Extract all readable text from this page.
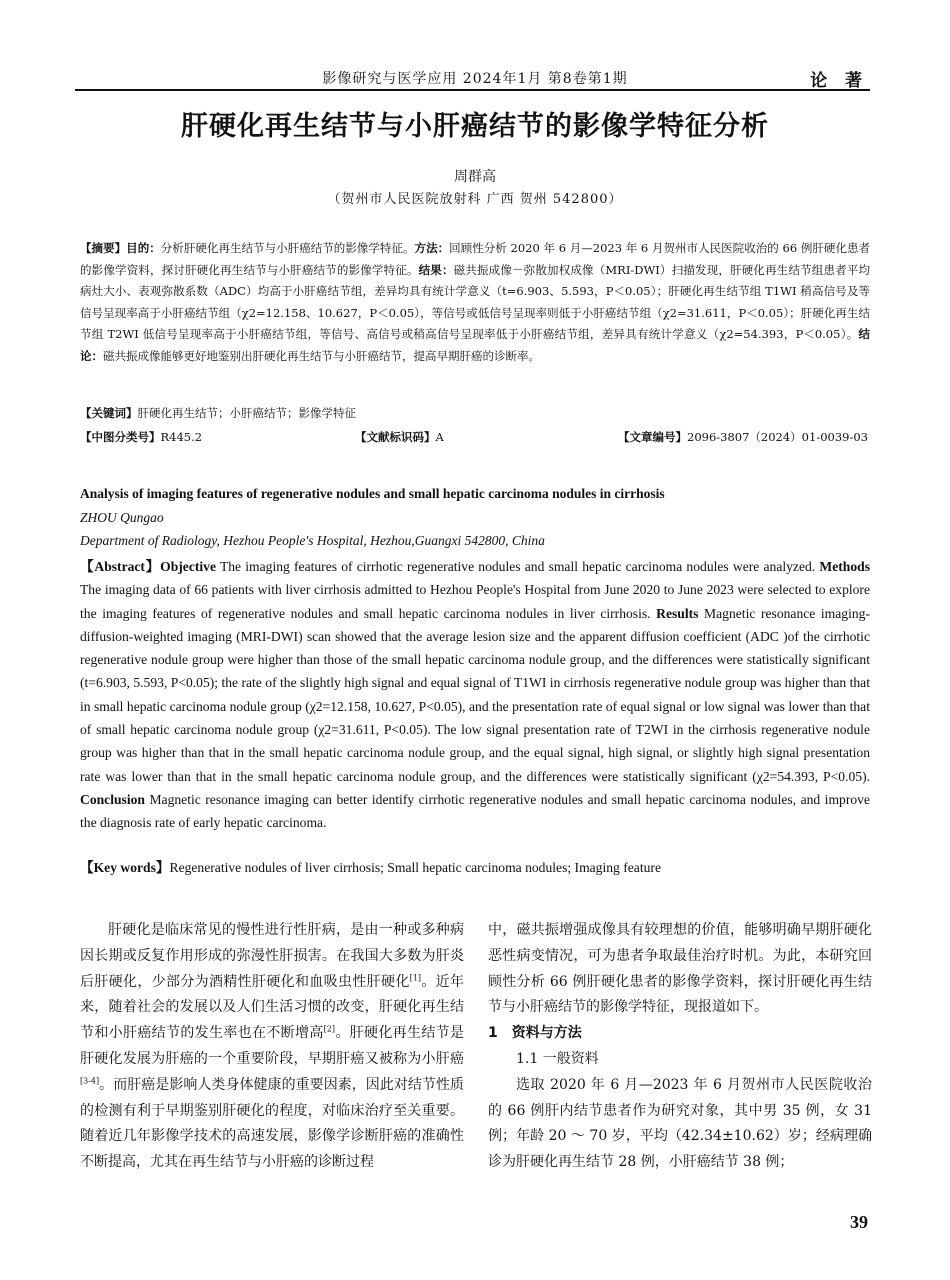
影像研究与医学应用 2024年1月 第8卷第1期	论 著
肝硬化再生结节与小肝癌结节的影像学特征分析
周群高
（贺州市人民医院放射科 广西 贺州 542800）
【摘要】目的：分析肝硬化再生结节与小肝癌结节的影像学特征。方法：回顾性分析 2020 年 6 月—2023 年 6 月贺州市人民医院收治的 66 例肝硬化患者的影像学资料，探讨肝硬化再生结节与小肝癌结节的影像学特征。结果：磁共振成像－弥散加权成像（MRI-DWI）扫描发现，肝硬化再生结节组患者平均病灶大小、表观弥散系数（ADC）均高于小肝癌结节组，差异均具有统计学意义（t=6.903、5.593，P＜0.05）；肝硬化再生结节组 T1WI 稍高信号及等信号呈现率高于小肝癌结节组（χ2=12.158、10.627，P＜0.05），等信号或低信号呈现率则低于小肝癌结节组（χ2=31.611，P＜0.05）；肝硬化再生结节组 T2WI 低信号呈现率高于小肝癌结节组，等信号、高信号或稍高信号呈现率低于小肝癌结节组，差异具有统计学意义（χ2=54.393，P＜0.05）。结论：磁共振成像能够更好地鉴别出肝硬化再生结节与小肝癌结节，提高早期肝癌的诊断率。
【关键词】肝硬化再生结节；小肝癌结节；影像学特征
【中图分类号】R445.2	【文献标识码】A	【文章编号】2096-3807（2024）01-0039-03
Analysis of imaging features of regenerative nodules and small hepatic carcinoma nodules in cirrhosis
ZHOU Qungao
Department of Radiology, Hezhou People's Hospital, Hezhou,Guangxi 542800, China
【Abstract】Objective The imaging features of cirrhotic regenerative nodules and small hepatic carcinoma nodules were analyzed. Methods The imaging data of 66 patients with liver cirrhosis admitted to Hezhou People's Hospital from June 2020 to June 2023 were selected to explore the imaging features of regenerative nodules and small hepatic carcinoma nodules in liver cirrhosis. Results Magnetic resonance imaging-diffusion-weighted imaging (MRI-DWI) scan showed that the average lesion size and the apparent diffusion coefficient (ADC )of the cirrhotic regenerative nodule group were higher than those of the small hepatic carcinoma nodule group, and the differences were statistically significant (t=6.903, 5.593, P<0.05); the rate of the slightly high signal and equal signal of T1WI in cirrhosis regenerative nodule group was higher than that in small hepatic carcinoma nodule group (χ2=12.158, 10.627, P<0.05), and the presentation rate of equal signal or low signal was lower than that of small hepatic carcinoma nodule group (χ2=31.611, P<0.05). The low signal presentation rate of T2WI in the cirrhosis regenerative nodule group was higher than that in the small hepatic carcinoma nodule group, and the equal signal, high signal, or slightly high signal presentation rate was lower than that in the small hepatic carcinoma nodule group, and the differences were statistically significant (χ2=54.393, P<0.05). Conclusion Magnetic resonance imaging can better identify cirrhotic regenerative nodules and small hepatic carcinoma nodules, and improve the diagnosis rate of early hepatic carcinoma.
【Key words】Regenerative nodules of liver cirrhosis; Small hepatic carcinoma nodules; Imaging feature

肝硬化是临床常见的慢性进行性肝病，是由一种或多种病因长期或反复作用形成的弥漫性肝损害。在我国大多数为肝炎后肝硬化，少部分为酒精性肝硬化和血吸虫性肝硬化[1]。近年来，随着社会的发展以及人们生活习惯的改变，肝硬化再生结节和小肝癌结节的发生率也在不断增高[2]。肝硬化再生结节是肝硬化发展为肝癌的一个重要阶段，早期肝癌又被称为小肝癌[3-4]。而肝癌是影响人类身体健康的重要因素，因此对结节性质的检测有利于早期鉴别肝硬化的程度，对临床治疗至关重要。随着近几年影像学技术的高速发展，影像学诊断肝癌的准确性不断提高，尤其在再生结节与小肝癌的诊断过程

中，磁共振增强成像具有较理想的价值，能够明确早期肝硬化恶性病变情况，可为患者争取最佳治疗时机。为此，本研究回顾性分析 66 例肝硬化患者的影像学资料，探讨肝硬化再生结节与小肝癌结节的影像学特征，现报道如下。

1　资料与方法

1.1 一般资料

选取 2020 年 6 月—2023 年 6 月贺州市人民医院收治的 66 例肝内结节患者作为研究对象，其中男 35 例，女 31 例；年龄 20 ～ 70 岁，平均（42.34±10.62）岁；经病理确诊为肝硬化再生结节 28 例，小肝癌结节 38 例；

39
